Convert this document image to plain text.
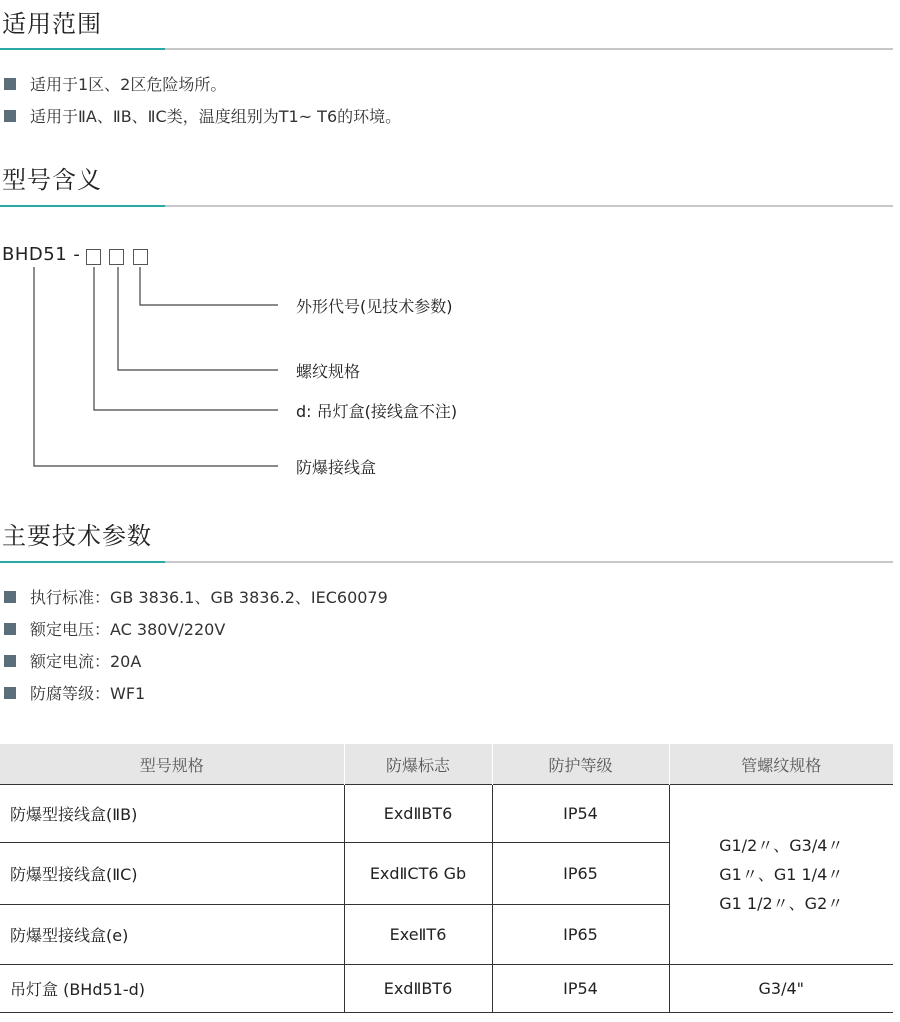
适用范围
适用于1区、2区危险场所。
适用于ⅡA、ⅡB、ⅡC类，温度组别为T1~ T6的环境。
型号含义
BHD51 -
外形代号(见技术参数)
螺纹规格
d: 吊灯盒(接线盒不注)
防爆接线盒
主要技术参数
执行标准：GB 3836.1、GB 3836.2、IEC60079
额定电压：AC 380V/220V
额定电流：20A
防腐等级：WF1
型号规格	防爆标志	防护等级	管螺纹规格
防爆型接线盒(ⅡB)	ExdⅡBT6	IP54	G1/2〃、G3/4〃
G1〃、G1 1/4〃
G1 1/2〃、G2〃

防爆型接线盒(ⅡC)	ExdⅡCT6 Gb	IP65	
防爆型接线盒(e)	ExeⅡT6	IP65	
吊灯盒 (BHd51-d)	ExdⅡBT6	IP54	G3/4"
